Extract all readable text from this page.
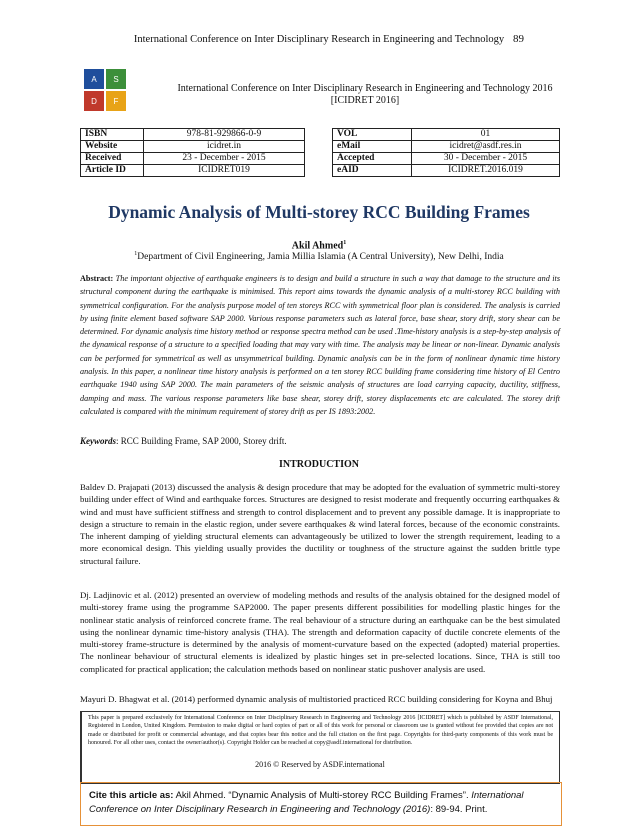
International Conference on Inter Disciplinary Research in Engineering and Technology 89
A	S
D	F
International Conference on Inter Disciplinary Research in Engineering and Technology 2016
[ICIDRET 2016]
ISBN	978-81-929866-0-9
Website	icidret.in
Received	23 - December - 2015
Article ID	ICIDRET019
VOL	01
eMail	icidret@asdf.res.in
Accepted	30 - December - 2015
eAID	ICIDRET.2016.019
Dynamic Analysis of Multi-storey RCC Building Frames
Akil Ahmed$^1$
$^1$Department of Civil Engineering, Jamia Millia Islamia (A Central University), New Delhi, India
Abstract: The important objective of earthquake engineers is to design and build a structure in such a way that damage to the structure and its structural component during the earthquake is minimised. This report aims towards the dynamic analysis of a multi-storey RCC building with symmetrical configuration. For the analysis purpose model of ten storeys RCC with symmetrical floor plan is considered. The analysis is carried by using finite element based software SAP 2000. Various response parameters such as lateral force, base shear, story drift, story shear can be determined. For dynamic analysis time history method or response spectra method can be used .Time-history analysis is a step-by-step analysis of the dynamical response of a structure to a specified loading that may vary with time. The analysis may be linear or non-linear. Dynamic analysis can be performed for symmetrical as well as unsymmetrical building. Dynamic analysis can be in the form of nonlinear dynamic time history analysis. In this paper, a nonlinear time history analysis is performed on a ten storey RCC building frame considering time history of El Centro earthquake 1940 using SAP 2000. The main parameters of the seismic analysis of structures are load carrying capacity, ductility, stiffness, damping and mass. The various response parameters like base shear, storey drift, storey displacements etc are calculated. The storey drift calculated is compared with the minimum requirement of storey drift as per IS 1893:2002.
Keywords: RCC Building Frame, SAP 2000, Storey drift.
INTRODUCTION
Baldev D. Prajapati (2013) discussed the analysis & design procedure that may be adopted for the evaluation of symmetric multi-storey building under effect of Wind and earthquake forces. Structures are designed to resist moderate and frequently occurring earthquakes & wind and must have sufficient stiffness and strength to control displacement and to prevent any possible damage. It is inappropriate to design a structure to remain in the elastic region, under severe earthquakes & wind lateral forces, because of the economic constraints. The inherent damping of yielding structural elements can advantageously be utilized to lower the strength requirement, leading to a more economical design. This yielding usually provides the ductility or toughness of the structure against the sudden brittle type structural failure.
Dj. Ladjinovic et al. (2012) presented an overview of modeling methods and results of the analysis obtained for the designed model of multi-storey frame using the programme SAP2000. The paper presents different possibilities for modelling plastic hinges for the nonlinear static analysis of reinforced concrete frame. The real behaviour of a structure during an earthquake can be the best simulated using the nonlinear dynamic time-history analysis (THA). The strength and deformation capacity of ductile concrete elements of the multi-storey frame-structure is determined by the analysis of moment-curvature based on the expected (adopted) material properties. The nonlinear behaviour of structural elements is idealized by plastic hinges set in pre-selected locations. Since, THA is still too complicated for practical application; the calculation methods based on nonlinear static pushover analysis are used.
Mayuri D. Bhagwat et al. (2014) performed dynamic analysis of multistoried practiced RCC building considering for Koyna and Bhuj
This paper is prepared exclusively for International Conference on Inter Disciplinary Research in Engineering and Technology 2016 [ICIDRET] which is published by ASDF International, Registered in London, United Kingdom. Permission to make digital or hard copies of part or all of this work for personal or classroom use is granted without fee provided that copies are not made or distributed for profit or commercial advantage, and that copies bear this notice and the full citation on the first page. Copyrights for third-party components of this work must be honoured. For all other uses, contact the owner/author(s). Copyright Holder can be reached at copy@asdf.international for distribution.
2016 © Reserved by ASDF.international
Cite this article as: Akil Ahmed. “Dynamic Analysis of Multi-storey RCC Building Frames”. International Conference on Inter Disciplinary Research in Engineering and Technology (2016): 89-94. Print.
